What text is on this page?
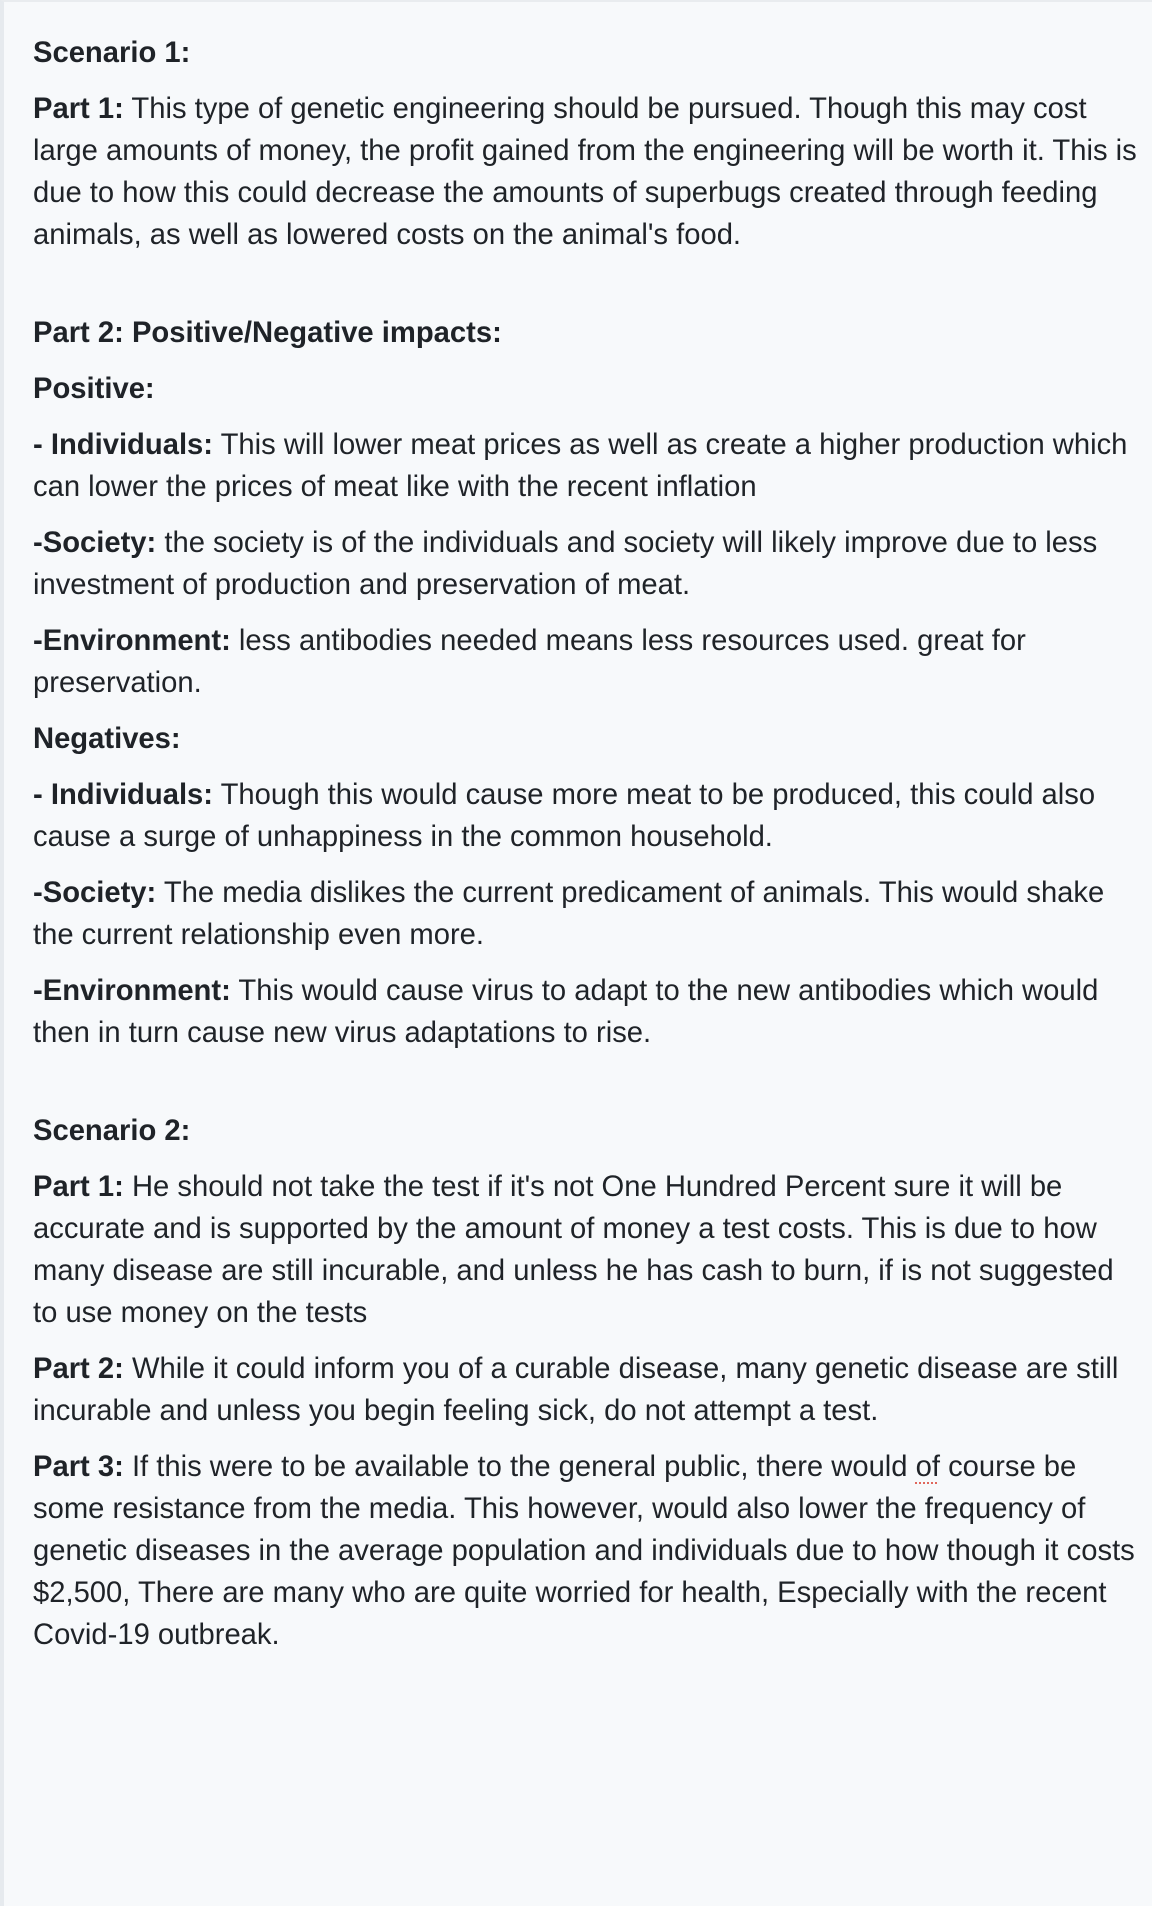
Scenario 1:

Part 1: This type of genetic engineering should be pursued. Though this may cost large amounts of money, the profit gained from the engineering will be worth it. This is due to how this could decrease the amounts of superbugs created through feeding animals, as well as lowered costs on the animal's food.

Part 2: Positive/Negative impacts:

Positive:

- Individuals: This will lower meat prices as well as create a higher production which can lower the prices of meat like with the recent inflation

-Society: the society is of the individuals and society will likely improve due to less investment of production and preservation of meat.

-Environment: less antibodies needed means less resources used. great for preservation.

Negatives:

- Individuals: Though this would cause more meat to be produced, this could also cause a surge of unhappiness in the common household.

-Society: The media dislikes the current predicament of animals. This would shake the current relationship even more.

-Environment: This would cause virus to adapt to the new antibodies which would then in turn cause new virus adaptations to rise.

Scenario 2:

Part 1: He should not take the test if it's not One Hundred Percent sure it will be accurate and is supported by the amount of money a test costs. This is due to how many disease are still incurable, and unless he has cash to burn, if is not suggested to use money on the tests

Part 2: While it could inform you of a curable disease, many genetic disease are still incurable and unless you begin feeling sick, do not attempt a test.

Part 3: If this were to be available to the general public, there would of course be some resistance from the media. This however, would also lower the frequency of genetic diseases in the average population and individuals due to how though it costs $2,500, There are many who are quite worried for health, Especially with the recent Covid-19 outbreak.
